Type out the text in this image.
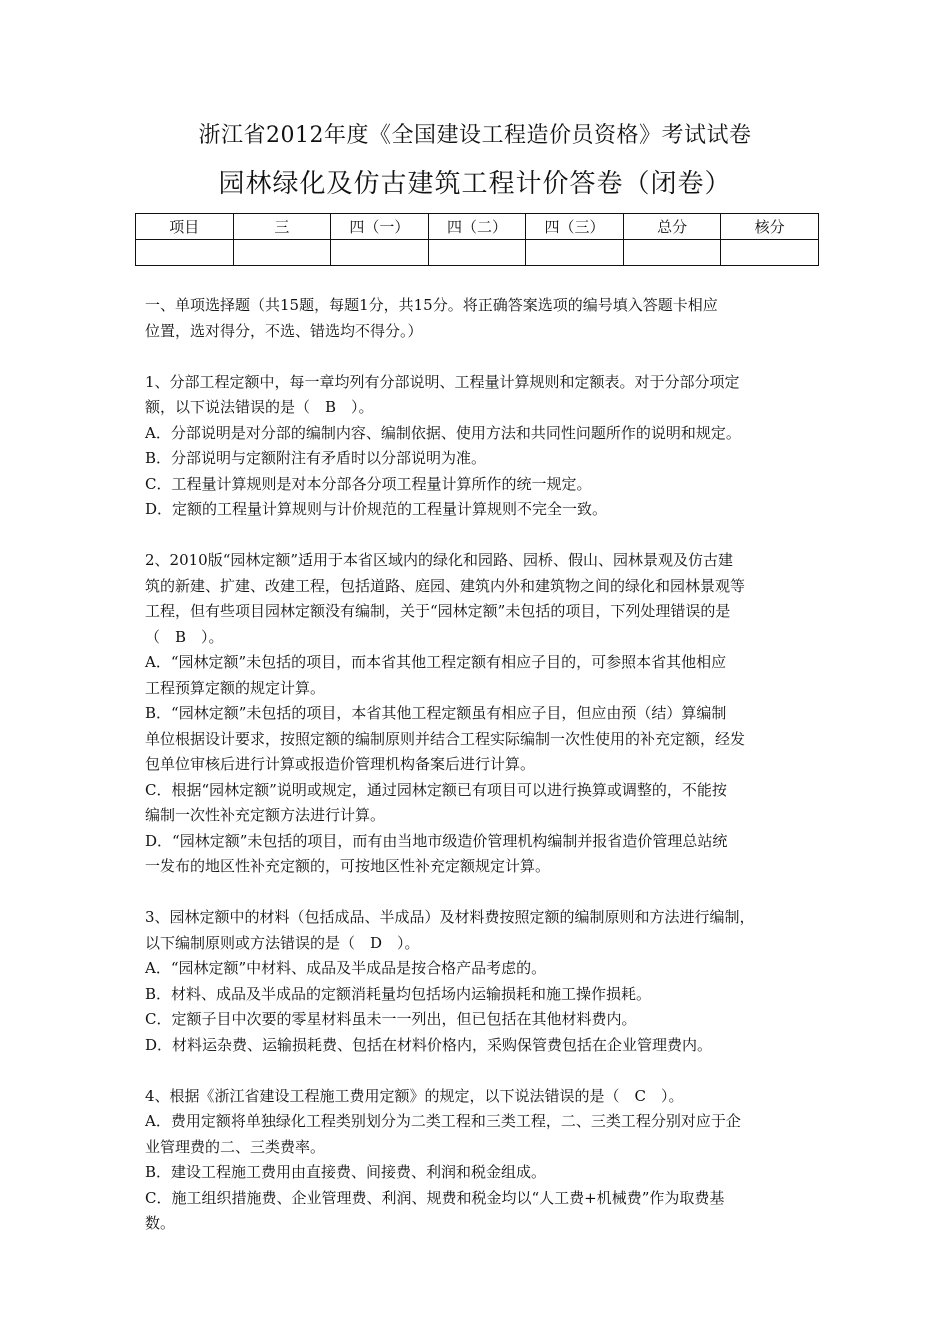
浙江省2012年度《全国建设工程造价员资格》考试试卷
园林绿化及仿古建筑工程计价答卷（闭卷）
项目	三	四（一）	四（二）	四（三）	总分	核分

一、单项选择题（共15题，每题1分，共15分。将正确答案选项的编号填入答题卡相应

位置，选对得分，不选、错选均不得分。）

1、分部工程定额中，每一章均列有分部说明、工程量计算规则和定额表。对于分部分项定

额，以下说法错误的是（　B　）。

A．分部说明是对分部的编制内容、编制依据、使用方法和共同性问题所作的说明和规定。

B．分部说明与定额附注有矛盾时以分部说明为准。

C．工程量计算规则是对本分部各分项工程量计算所作的统一规定。

D．定额的工程量计算规则与计价规范的工程量计算规则不完全一致。

2、2010版“园林定额”适用于本省区域内的绿化和园路、园桥、假山、园林景观及仿古建

筑的新建、扩建、改建工程，包括道路、庭园、建筑内外和建筑物之间的绿化和园林景观等

工程，但有些项目园林定额没有编制，关于“园林定额”未包括的项目，下列处理错误的是

（　B　）。

A．“园林定额”未包括的项目，而本省其他工程定额有相应子目的，可参照本省其他相应

工程预算定额的规定计算。

B．“园林定额”未包括的项目，本省其他工程定额虽有相应子目，但应由预（结）算编制

单位根据设计要求，按照定额的编制原则并结合工程实际编制一次性使用的补充定额，经发

包单位审核后进行计算或报造价管理机构备案后进行计算。

C．根据“园林定额”说明或规定，通过园林定额已有项目可以进行换算或调整的，不能按

编制一次性补充定额方法进行计算。

D．“园林定额”未包括的项目，而有由当地市级造价管理机构编制并报省造价管理总站统

一发布的地区性补充定额的，可按地区性补充定额规定计算。

3、园林定额中的材料（包括成品、半成品）及材料费按照定额的编制原则和方法进行编制，

以下编制原则或方法错误的是（　D　）。

A．“园林定额”中材料、成品及半成品是按合格产品考虑的。

B．材料、成品及半成品的定额消耗量均包括场内运输损耗和施工操作损耗。

C．定额子目中次要的零星材料虽未一一列出，但已包括在其他材料费内。

D．材料运杂费、运输损耗费、包括在材料价格内，采购保管费包括在企业管理费内。

4、根据《浙江省建设工程施工费用定额》的规定，以下说法错误的是（　C　）。

A．费用定额将单独绿化工程类别划分为二类工程和三类工程，二、三类工程分别对应于企

业管理费的二、三类费率。

B．建设工程施工费用由直接费、间接费、利润和税金组成。

C．施工组织措施费、企业管理费、利润、规费和税金均以“人工费+机械费”作为取费基

数。
